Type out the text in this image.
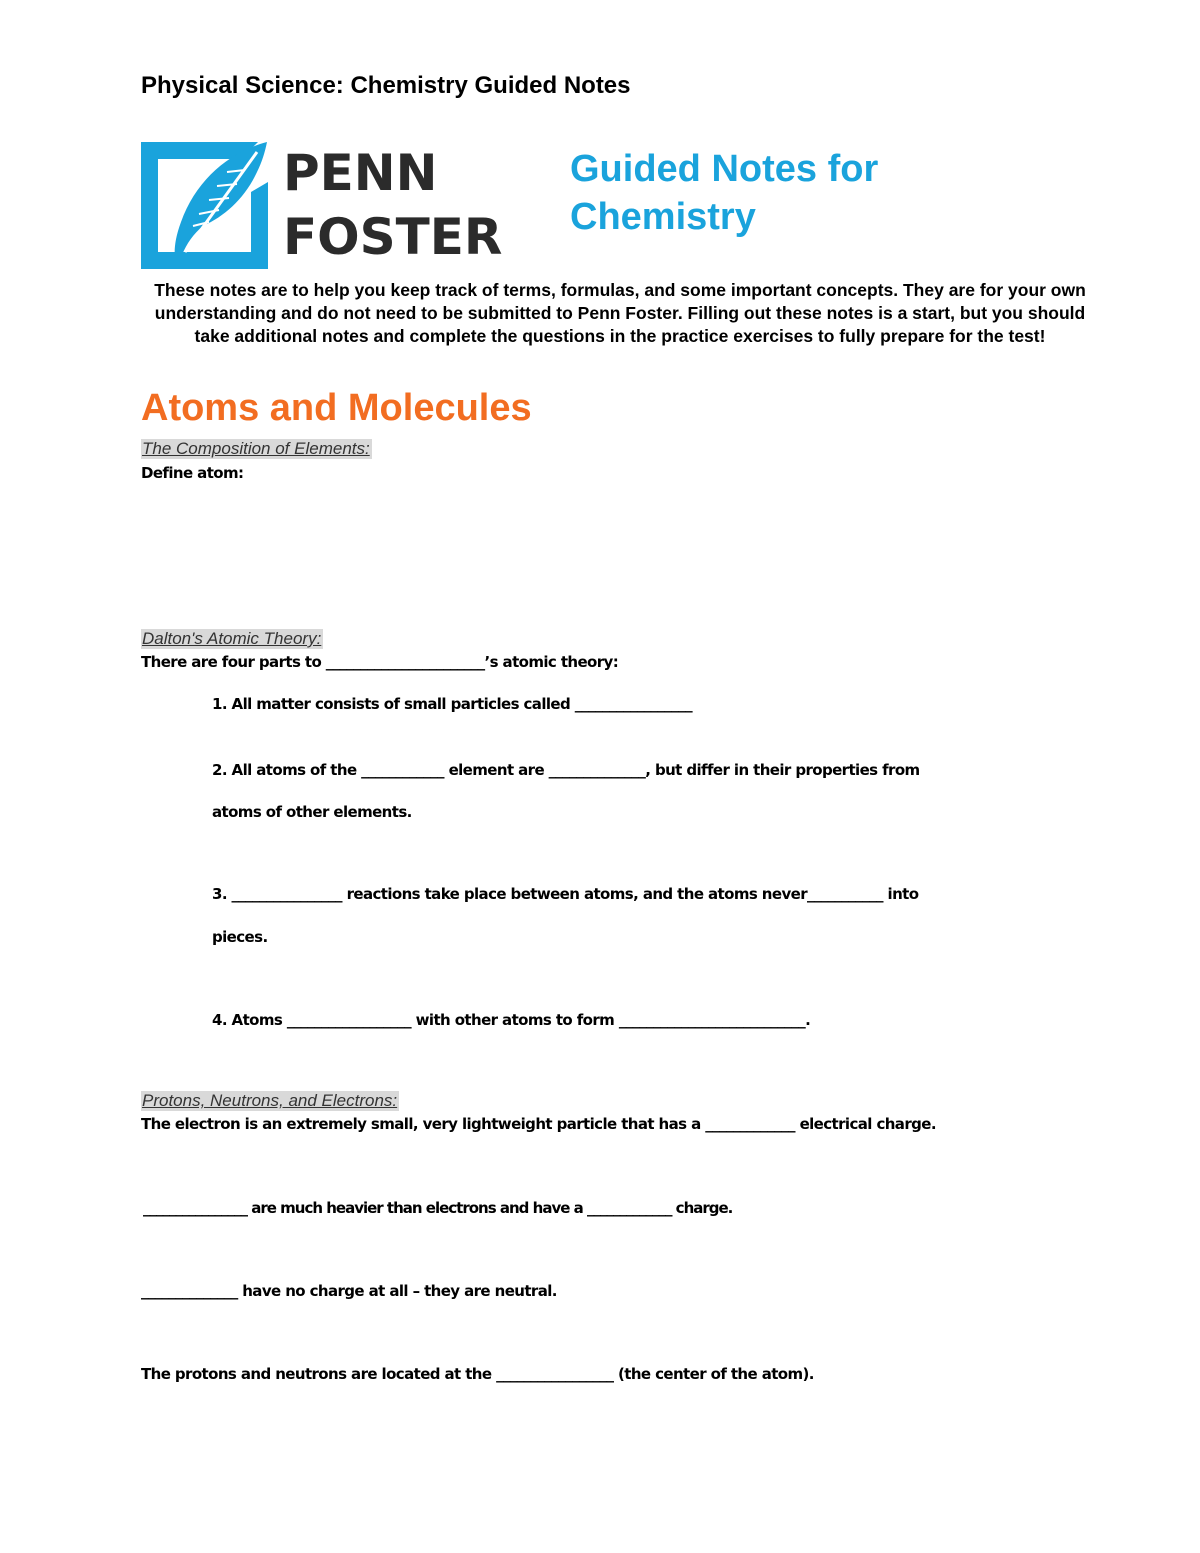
Physical Science: Chemistry Guided Notes
PENN
FOSTER
Guided Notes for
Chemistry
These notes are to help you keep track of terms, formulas, and some important concepts. They are for your own understanding and do not need to be submitted to Penn Foster. Filling out these notes is a start, but you should take additional notes and complete the questions in the practice exercises to fully prepare for the test!
Atoms and Molecules
The Composition of Elements:
Define atom:
Dalton's Atomic Theory:
There are four parts to _______________________’s atomic theory:
1. All matter consists of small particles called _________________
2. All atoms of the ____________ element are ______________, but differ in their properties from
atoms of other elements.
3. ________________ reactions take place between atoms, and the atoms never___________ into
pieces.
4. Atoms __________________ with other atoms to form ___________________________.
Protons, Neutrons, and Electrons:
The electron is an extremely small, very lightweight particle that has a _____________ electrical charge.
________________ are much heavier than electrons and have a _____________ charge.
______________ have no charge at all – they are neutral.
The protons and neutrons are located at the _________________ (the center of the atom).
